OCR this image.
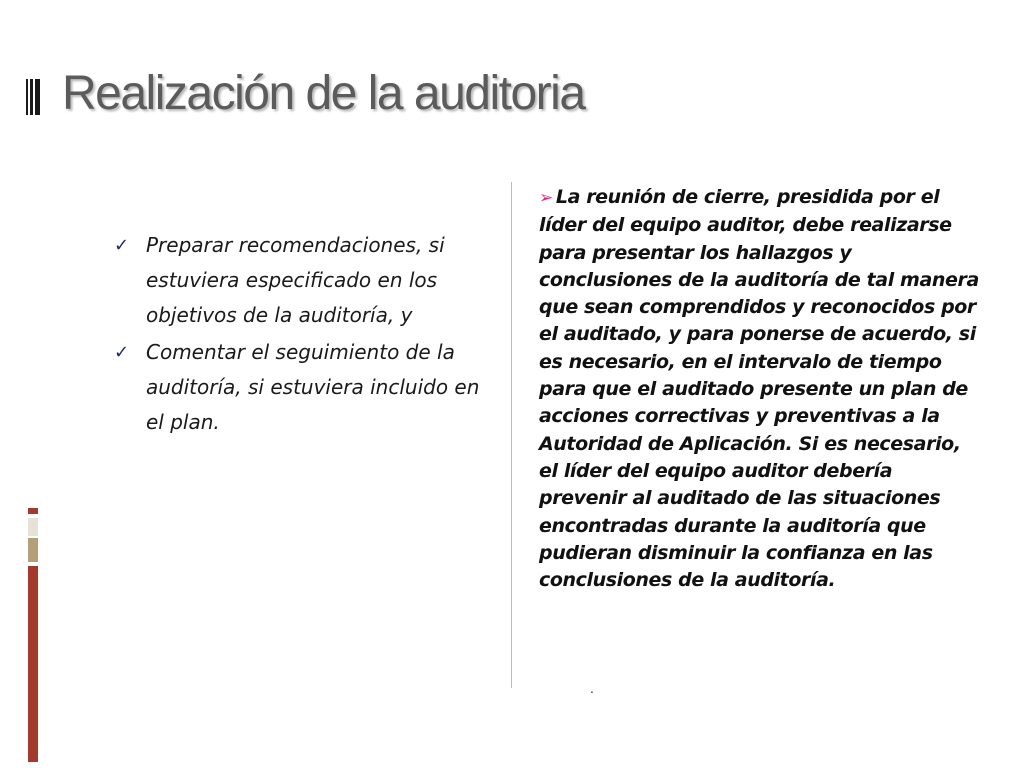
Realización de la auditoria
✓ Preparar recomendaciones, si estuviera especificado en los objetivos de la auditoría, y
✓ Comentar el seguimiento de la auditoría, si estuviera incluido en el plan.

➢ La reunión de cierre, presidida por el líder del equipo auditor, debe realizarse para presentar los hallazgos y conclusiones de la auditoría de tal manera que sean comprendidos y reconocidos por el auditado, y para ponerse de acuerdo, si es necesario, en el intervalo de tiempo para que el auditado presente un plan de acciones correctivas y preventivas a la Autoridad de Aplicación. Si es necesario, el líder del equipo auditor debería prevenir al auditado de las situaciones encontradas durante la auditoría que pudieran disminuir la confianza en las conclusiones de la auditoría.

.
